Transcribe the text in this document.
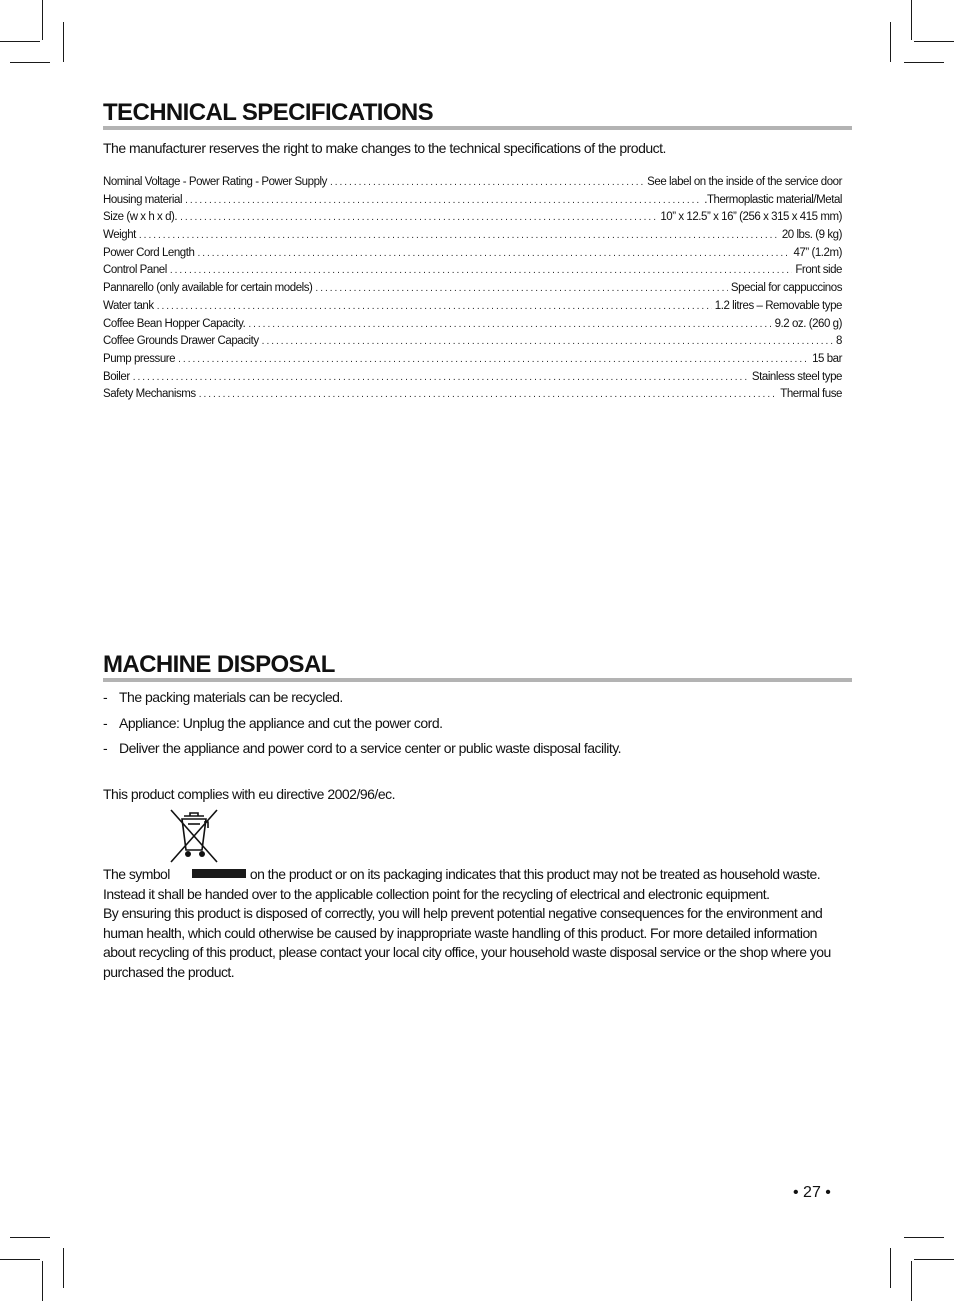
TECHNICAL SPECIFICATIONS
The manufacturer reserves the right to make changes to the technical specifications of the product.
Nominal Voltage - Power Rating - Power Supply .....	See label on the inside of the service door
Housing material .....	.Thermoplastic material/Metal
Size (w x h x d). .....	10” x 12.5” x 16” (256 x 315 x 415 mm)
Weight .....	20 lbs. (9 kg)
Power Cord Length .....	47” (1.2m)
Control Panel .....	Front side
Pannarello (only available for certain models) .....	Special for cappuccinos
Water tank .....	1.2 litres – Removable type
Coffee Bean Hopper Capacity. .....	9.2 oz. (260 g)
Coffee Grounds Drawer Capacity .....	8
Pump pressure .....	15 bar
Boiler .....	Stainless steel type
Safety Mechanisms .....	Thermal fuse
MACHINE DISPOSAL
- The packing materials can be recycled.
- Appliance: Unplug the appliance and cut the power cord.
- Deliver the appliance and power cord to a service center or public waste disposal facility.
This product complies with eu directive 2002/96/ec.
The symbol	on the product or on its packaging indicates that this product may not be treated as household waste. Instead it shall be handed over to the applicable collection point for the recycling of electrical and electronic equipment.
By ensuring this product is disposed of correctly, you will help prevent potential negative consequences for the environment and human health, which could otherwise be caused by inappropriate waste handling of this product. For more detailed information about recycling of this product, please contact your local city office, your household waste disposal service or the shop where you purchased the product.
• 27 •
